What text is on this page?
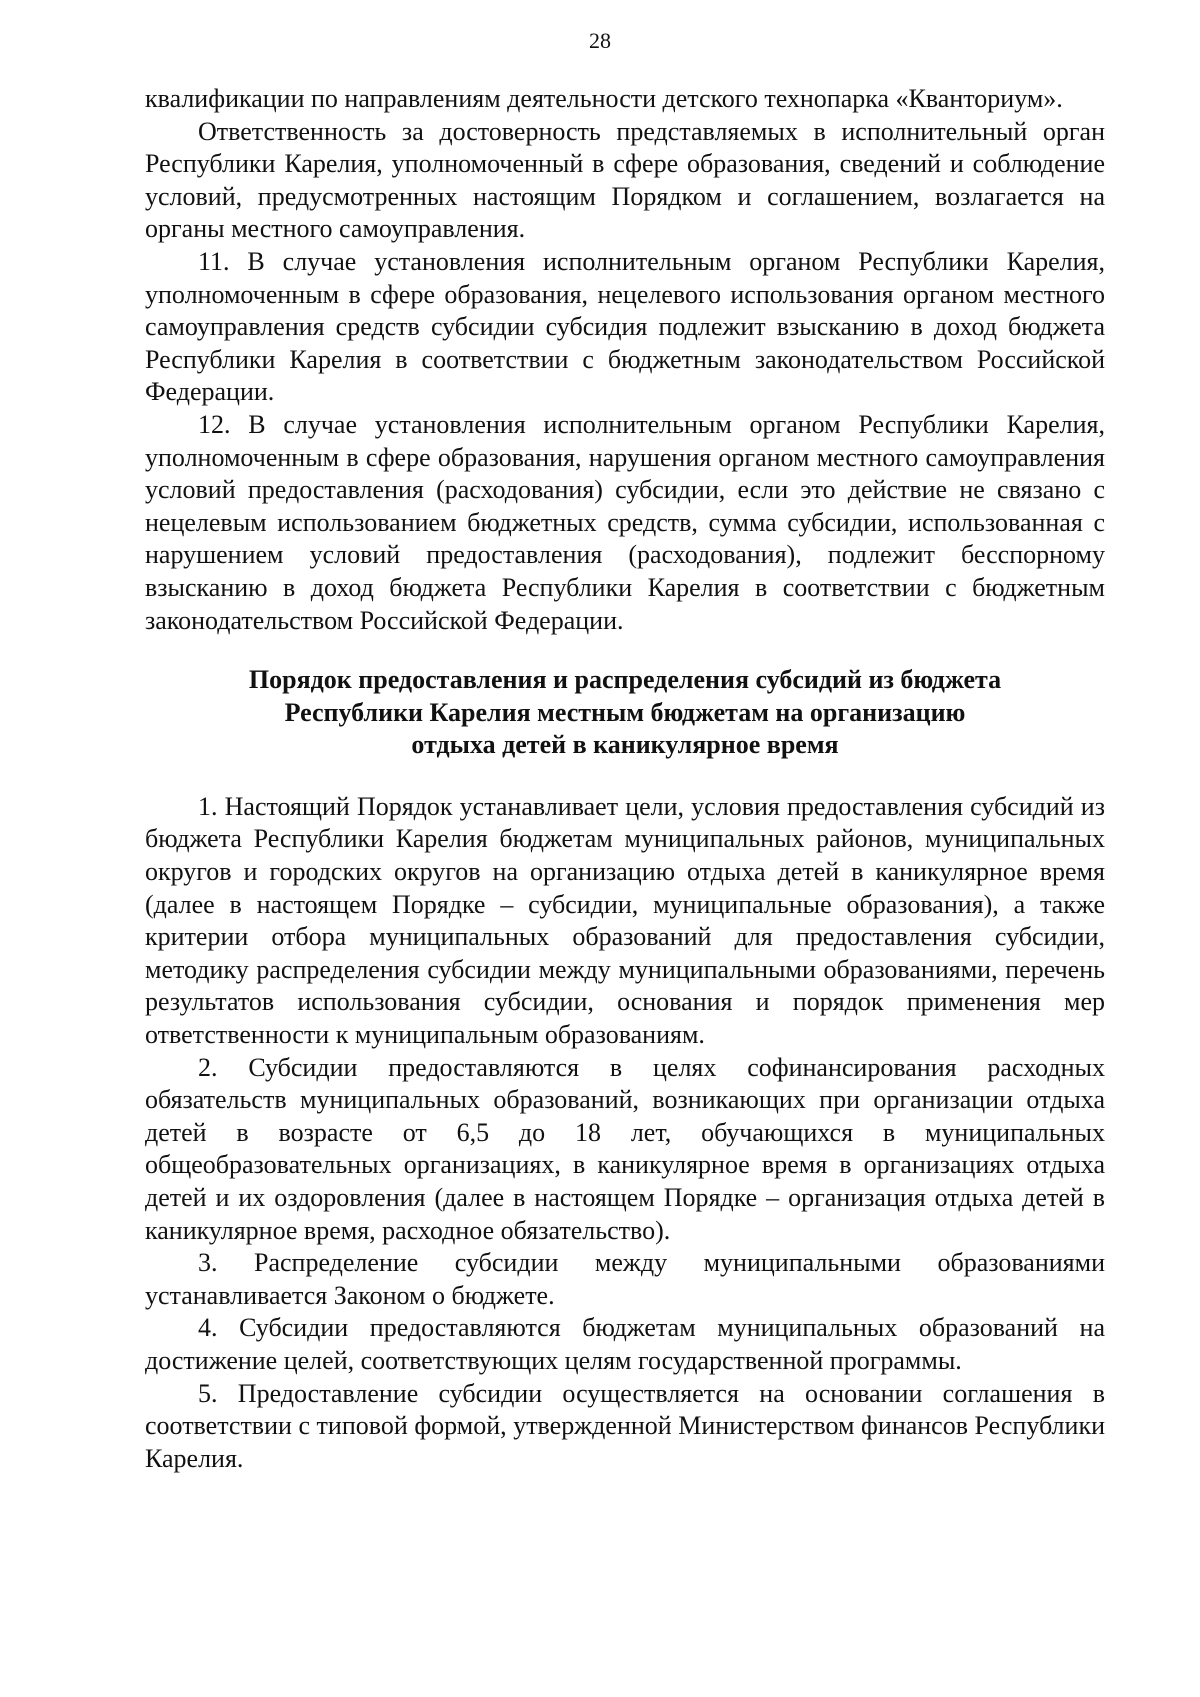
28

квалификации по направлениям деятельности детского технопарка «Кванториум».

Ответственность за достоверность представляемых в исполнительный орган Республики Карелия, уполномоченный в сфере образования, сведений и соблюдение условий, предусмотренных настоящим Порядком и соглашением, возлагается на органы местного самоуправления.

11. В случае установления исполнительным органом Республики Карелия, уполномоченным в сфере образования, нецелевого использования органом местного самоуправления средств субсидии субсидия подлежит взысканию в доход бюджета Республики Карелия в соответствии с бюджетным законодательством Российской Федерации.

12. В случае установления исполнительным органом Республики Карелия, уполномоченным в сфере образования, нарушения органом местного самоуправления условий предоставления (расходования) субсидии, если это действие не связано с нецелевым использованием бюджетных средств, сумма субсидии, использованная с нарушением условий предоставления (расходования), подлежит бесспорному взысканию в доход бюджета Республики Карелия в соответствии с бюджетным законодательством Российской Федерации.

Порядок предоставления и распределения субсидий из бюджета
Республики Карелия местным бюджетам на организацию
отдыха детей в каникулярное время

1. Настоящий Порядок устанавливает цели, условия предоставления субсидий из бюджета Республики Карелия бюджетам муниципальных районов, муниципальных округов и городских округов на организацию отдыха детей в каникулярное время (далее в настоящем Порядке – субсидии, муниципальные образования), а также критерии отбора муниципальных образований для предоставления субсидии, методику распределения субсидии между муниципальными образованиями, перечень результатов использования субсидии, основания и порядок применения мер ответственности к муниципальным образованиям.

2. Субсидии предоставляются в целях софинансирования расходных обязательств муниципальных образований, возникающих при организации отдыха детей в возрасте от 6,5 до 18 лет, обучающихся в муниципальных общеобразовательных организациях, в каникулярное время в организациях отдыха детей и их оздоровления (далее в настоящем Порядке – организация отдыха детей в каникулярное время, расходное обязательство).

3. Распределение субсидии между муниципальными образованиями устанавливается Законом о бюджете.

4. Субсидии предоставляются бюджетам муниципальных образований на достижение целей, соответствующих целям государственной программы.

5. Предоставление субсидии осуществляется на основании соглашения в соответствии с типовой формой, утвержденной Министерством финансов Республики Карелия.
